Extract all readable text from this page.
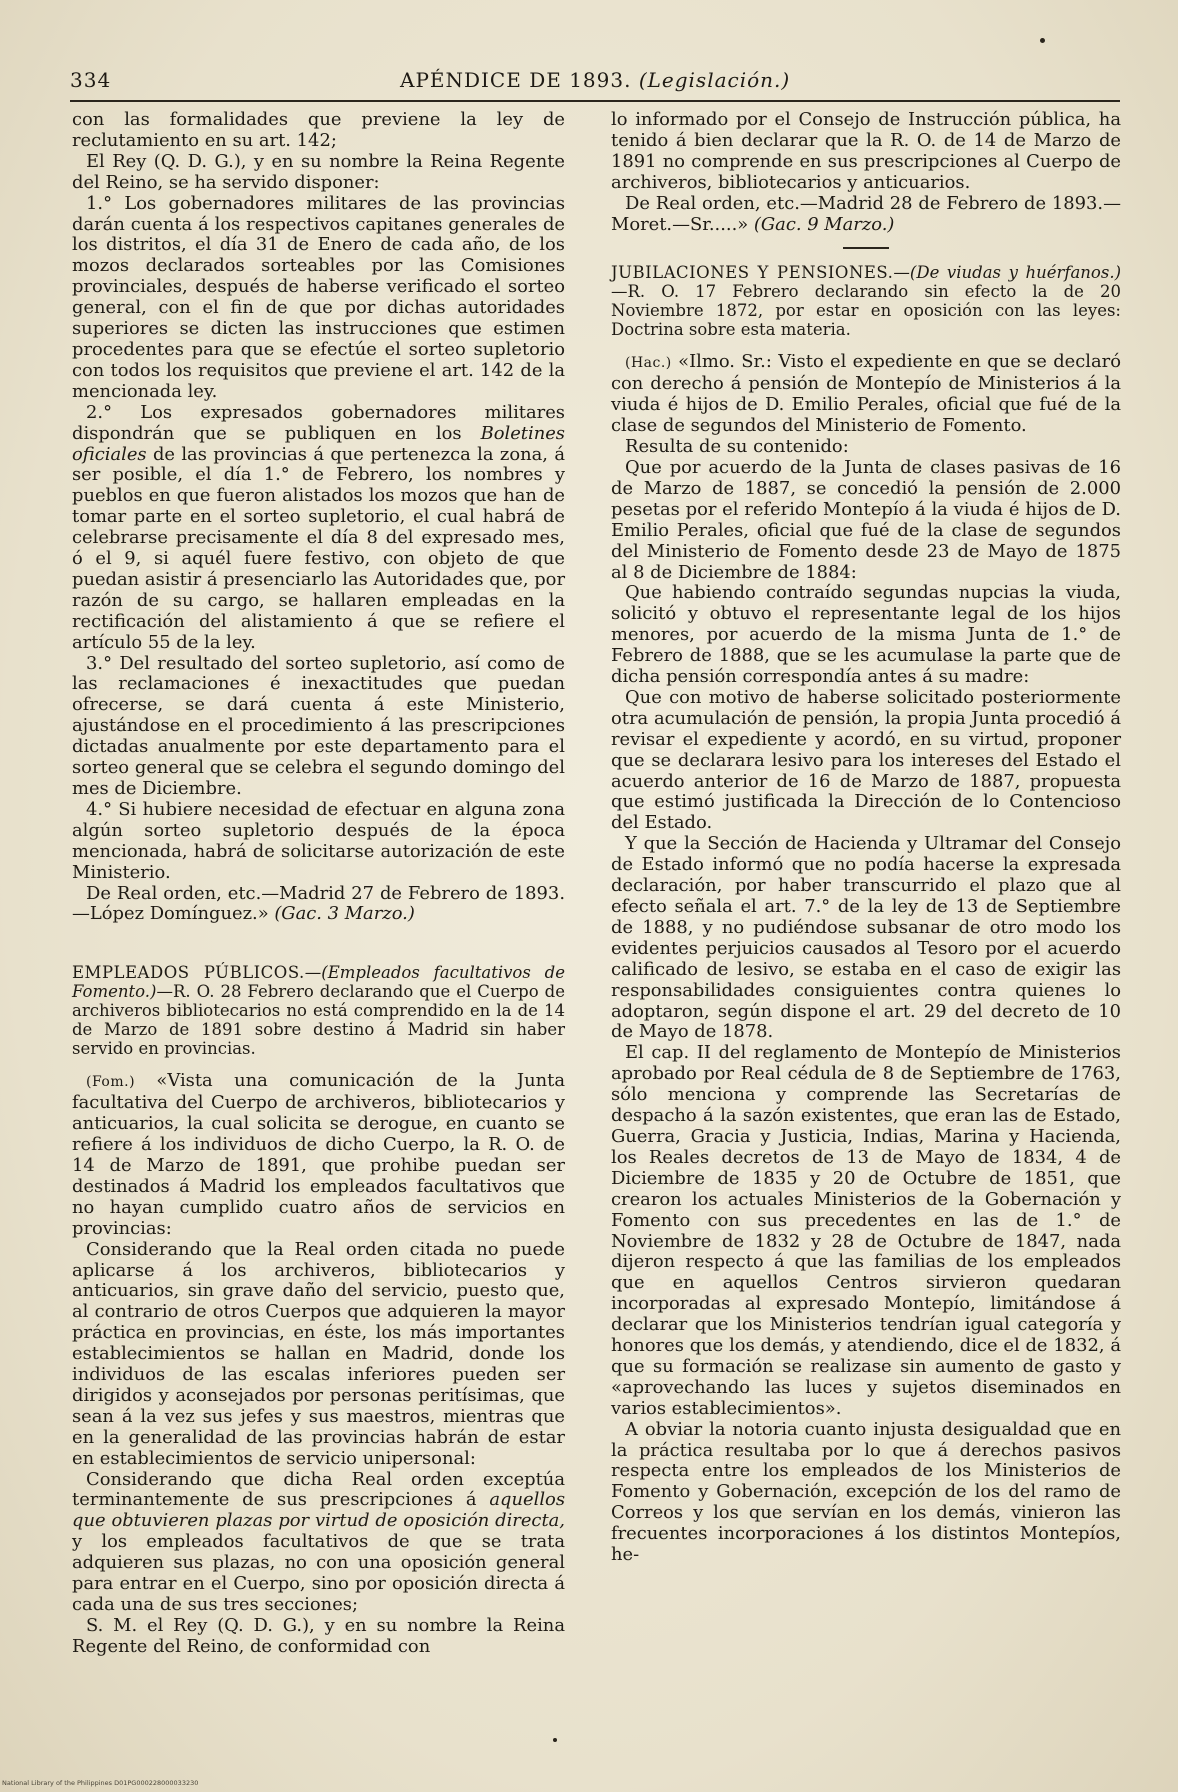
334	APÉNDICE DE 1893. (Legislación.)

con las formalidades que previene la ley de reclutamiento en su art. 142;

El Rey (Q. D. G.), y en su nombre la Reina Regente del Reino, se ha servido disponer:

1.° Los gobernadores militares de las provincias darán cuenta á los respectivos capitanes generales de los distritos, el día 31 de Enero de cada año, de los mozos declarados sorteables por las Comisiones provinciales, después de haberse verificado el sorteo general, con el fin de que por dichas autoridades superiores se dicten las instrucciones que estimen procedentes para que se efectúe el sorteo supletorio con todos los requisitos que previene el art. 142 de la mencionada ley.

2.° Los expresados gobernadores militares dispondrán que se publiquen en los Boletines oficiales de las provincias á que pertenezca la zona, á ser posible, el día 1.° de Febrero, los nombres y pueblos en que fueron alistados los mozos que han de tomar parte en el sorteo supletorio, el cual habrá de celebrarse precisamente el día 8 del expresado mes, ó el 9, si aquél fuere festivo, con objeto de que puedan asistir á presenciarlo las Autoridades que, por razón de su cargo, se hallaren empleadas en la rectificación del alistamiento á que se refiere el artículo 55 de la ley.

3.° Del resultado del sorteo supletorio, así como de las reclamaciones é inexactitudes que puedan ofrecerse, se dará cuenta á este Ministerio, ajustándose en el procedimiento á las prescripciones dictadas anualmente por este departamento para el sorteo general que se celebra el segundo domingo del mes de Diciembre.

4.° Si hubiere necesidad de efectuar en alguna zona algún sorteo supletorio después de la época mencionada, habrá de solicitarse autorización de este Ministerio.

De Real orden, etc.—Madrid 27 de Febrero de 1893.—López Domínguez.» (Gac. 3 Marzo.)

EMPLEADOS PÚBLICOS.—(Empleados facultativos de Fomento.)—R. O. 28 Febrero declarando que el Cuerpo de archiveros bibliotecarios no está comprendido en la de 14 de Marzo de 1891 sobre destino á Madrid sin haber servido en provincias.

(Fom.) «Vista una comunicación de la Junta facultativa del Cuerpo de archiveros, bibliotecarios y anticuarios, la cual solicita se derogue, en cuanto se refiere á los individuos de dicho Cuerpo, la R. O. de 14 de Marzo de 1891, que prohibe puedan ser destinados á Madrid los empleados facultativos que no hayan cumplido cuatro años de servicios en provincias:

Considerando que la Real orden citada no puede aplicarse á los archiveros, bibliotecarios y anticuarios, sin grave daño del servicio, puesto que, al contrario de otros Cuerpos que adquieren la mayor práctica en provincias, en éste, los más importantes establecimientos se hallan en Madrid, donde los individuos de las escalas inferiores pueden ser dirigidos y aconsejados por personas peritísimas, que sean á la vez sus jefes y sus maestros, mientras que en la generalidad de las provincias habrán de estar en establecimientos de servicio unipersonal:

Considerando que dicha Real orden exceptúa terminantemente de sus prescripciones á aquellos que obtuvieren plazas por virtud de oposición directa, y los empleados facultativos de que se trata adquieren sus plazas, no con una oposición general para entrar en el Cuerpo, sino por oposición directa á cada una de sus tres secciones;

S. M. el Rey (Q. D. G.), y en su nombre la Reina Regente del Reino, de conformidad con

lo informado por el Consejo de Instrucción pública, ha tenido á bien declarar que la R. O. de 14 de Marzo de 1891 no comprende en sus prescripciones al Cuerpo de archiveros, bibliotecarios y anticuarios.

De Real orden, etc.—Madrid 28 de Febrero de 1893.—Moret.—Sr.....» (Gac. 9 Marzo.)

JUBILACIONES Y PENSIONES.—(De viudas y huérfanos.)—R. O. 17 Febrero declarando sin efecto la de 20 Noviembre 1872, por estar en oposición con las leyes: Doctrina sobre esta materia.

(Hac.) «Ilmo. Sr.: Visto el expediente en que se declaró con derecho á pensión de Montepío de Ministerios á la viuda é hijos de D. Emilio Perales, oficial que fué de la clase de segundos del Ministerio de Fomento.

Resulta de su contenido:

Que por acuerdo de la Junta de clases pasivas de 16 de Marzo de 1887, se concedió la pensión de 2.000 pesetas por el referido Montepío á la viuda é hijos de D. Emilio Perales, oficial que fué de la clase de segundos del Ministerio de Fomento desde 23 de Mayo de 1875 al 8 de Diciembre de 1884:

Que habiendo contraído segundas nupcias la viuda, solicitó y obtuvo el representante legal de los hijos menores, por acuerdo de la misma Junta de 1.° de Febrero de 1888, que se les acumulase la parte que de dicha pensión correspondía antes á su madre:

Que con motivo de haberse solicitado posteriormente otra acumulación de pensión, la propia Junta procedió á revisar el expediente y acordó, en su virtud, proponer que se declarara lesivo para los intereses del Estado el acuerdo anterior de 16 de Marzo de 1887, propuesta que estimó justificada la Dirección de lo Contencioso del Estado.

Y que la Sección de Hacienda y Ultramar del Consejo de Estado informó que no podía hacerse la expresada declaración, por haber transcurrido el plazo que al efecto señala el art. 7.° de la ley de 13 de Septiembre de 1888, y no pudiéndose subsanar de otro modo los evidentes perjuicios causados al Tesoro por el acuerdo calificado de lesivo, se estaba en el caso de exigir las responsabilidades consiguientes contra quienes lo adoptaron, según dispone el art. 29 del decreto de 10 de Mayo de 1878.

El cap. II del reglamento de Montepío de Ministerios aprobado por Real cédula de 8 de Septiembre de 1763, sólo menciona y comprende las Secretarías de despacho á la sazón existentes, que eran las de Estado, Guerra, Gracia y Justicia, Indias, Marina y Hacienda, los Reales decretos de 13 de Mayo de 1834, 4 de Diciembre de 1835 y 20 de Octubre de 1851, que crearon los actuales Ministerios de la Gobernación y Fomento con sus precedentes en las de 1.° de Noviembre de 1832 y 28 de Octubre de 1847, nada dijeron respecto á que las familias de los empleados que en aquellos Centros sirvieron quedaran incorporadas al expresado Montepío, limitándose á declarar que los Ministerios tendrían igual categoría y honores que los demás, y atendiendo, dice el de 1832, á que su formación se realizase sin aumento de gasto y «aprovechando las luces y sujetos diseminados en varios establecimientos».

A obviar la notoria cuanto injusta desigualdad que en la práctica resultaba por lo que á derechos pasivos respecta entre los empleados de los Ministerios de Fomento y Gobernación, excepción de los del ramo de Correos y los que servían en los demás, vinieron las frecuentes incorporaciones á los distintos Montepíos, he-

National Library of the Philippines D01PG000228000033230
